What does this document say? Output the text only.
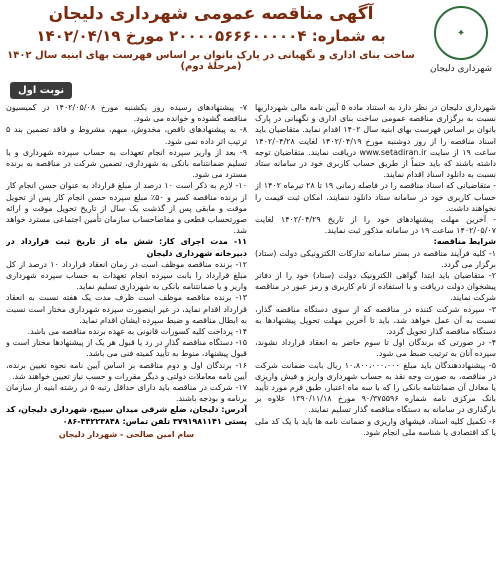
✦
شهرداری دلیجان
آگهی مناقصه عمومی شهرداری دلیجان
به شماره: ۲۰۰۰۰۵۶۶۶۰۰۰۰۰۴ مورخ ۱۴۰۲/۰۴/۱۹
ساخت بنای اداری و نگهبانی در پارک بانوان بر اساس فهرست بهای ابنیه سال ۱۴۰۲ (مرحلۀ دوم)
نوبت اول
شهرداری دلیجان در نظر دارد به استناد ماده ۵ آیین نامه مالی شهرداریها نسبت به برگزاری مناقصه عمومی ساخت بنای اداری و نگهبانی در پارک بانوان بر اساس فهرست بهای ابنیه سال ۱۴۰۲ اقدام نماید. متقاضیان باید اسناد مناقصه را از روز دوشنبه مورخ ۱۴۰۲/۰۴/۱۹ لغایت ۱۴۰۲/۰۴/۲۸ ساعت ۱۹ از سایت www.setadiran.ir دریافت نمایند. متقاضیان توجه داشته باشند که باید حتماً از طریق حساب کاربری خود در سامانه ستاد نسبت به دانلود اسناد اقدام نمایند.
- متقاضیانی که اسناد مناقصه را در فاصله زمانی ۱۹ تا ۲۸ تیرماه ۱۴۰۲ از حساب کاربری خود در سامانه ستاد دانلود ننمایند، امکان ثبت قیمت را نخواهند داشت.
- آخرین مهلت پیشنهادهای خود را از تاریخ ۱۴۰۲/۰۴/۲۹ لغایت ۱۴۰۲/۰۵/۰۷ ساعت ۱۹ در سامانه مذکور ثبت نمایند.
شرایط مناقصه:
۱- کلیه فرآیند مناقصه در بستر سامانه تدارکات الکترونیکی دولت (ستاد) برگزار می گردد.
۲- متقاضیان باید ابتدا گواهی الکترونیک دولت (ستاد) خود را از دفاتر پیشخوان دولت دریافت و با استفاده از نام کاربری و رمز عبور در مناقصه شرکت نمایند.
۳- سپرده شرکت کننده در مناقصه که از سوی دستگاه مناقصه گذار، نسبت به آن عمل خواهد شد، باید تا آخرین مهلت تحویل پیشنهادها به دستگاه مناقصه گذار تحویل گردد.
۴- در صورتی که برندگان اول تا سوم حاضر به انعقاد قرارداد نشوند، سپرده آنان به ترتیب ضبط می شود.
۵- پیشنهاددهندگان باید مبلغ ۱۰،۸۰۰،۰۰۰،۰۰۰ ریال بابت ضمانت شرکت در مناقصه، به صورت وجه نقد به حساب شهرداری واریز و فیش واریزی یا معادل آن ضمانتنامه بانکی را که با سه ماه اعتبار، طبق فرم مورد تأیید بانک مرکزی نامه شماره ۹۰/۳۷۵۵۹۶ مورخ ۱۳۹۰/۱۱/۱۸ علاوه بر بارگذاری در سامانه به دستگاه مناقصه گذار تسلیم نمایند.
۶- تکمیل کلیه اسناد، فیشهای واریزی و ضمانت نامه ها باید با یک کد ملی یا کد اقتصادی یا شناسه ملی انجام شود.
۷- پیشنهادهای رسیده روز یکشنبه مورخ ۱۴۰۲/۰۵/۰۸ در کمیسیون مناقصه گشوده و خوانده می شود.
۸- به پیشنهادهای ناقص، مخدوش، مبهم، مشروط و فاقد تضمین بند ۵ ترتیب اثر داده نمی شود.
۹- بعد از واریز سپرده انجام تعهدات به حساب سپرده شهرداری و یا تسلیم ضمانتنامه بانکی به شهرداری، تضمین شرکت در مناقصه به برنده مسترد می شود.
۱۰- لازم به ذکر است ۱۰ درصد از مبلغ قرارداد به عنوان حسن انجام کار از برنده مناقصه کسر و ۵۰٪ مبلغ سپرده حسن انجام کار پس از تحویل موقت و مابقی پس از گذشت یک سال از تاریخ تحویل موقت و ارائه صورتحساب قطعی و مفاصاحساب سازمان تأمین اجتماعی مسترد خواهد شد.
۱۱- مدت اجرای کار: شش ماه از تاریخ ثبت قرارداد در دبیرخانه شهرداری دلیجان
۱۲- برنده مناقصه موظف است در زمان انعقاد قرارداد ۱۰ درصد از کل مبلغ قرارداد را بابت سپرده انجام تعهدات به حساب سپرده شهرداری واریز و یا ضمانتنامه بانکی به شهرداری تسلیم نماید.
۱۳- برنده مناقصه موظف است ظرف مدت یک هفته نسبت به انعقاد قرارداد اقدام نماید، در غیر اینصورت سپرده شهرداری مختار است نسبت به ابطال مناقصه و ضبط سپرده ایشان اقدام نماید.
۱۴- پرداخت کلیه کسورات قانونی به عهده برنده مناقصه می باشد.
۱۵- دستگاه مناقصه گذار در رد یا قبول هر یک از پیشنهادها مختار است و قبول پیشنهاد، منوط به تأیید کمیته فنی می باشد.
۱۶- برندگان اول و دوم مناقصه بر اساس آیین نامه نحوه تعیین برنده، آیین نامه معاملات دولتی و دیگر مقررات و حسب نیاز تعیین خواهند شد.
۱۷- شرکت در مناقصه باید دارای حداقل رتبه ۵ در رشته ابنیه از سازمان برنامه و بودجه باشند.
آدرس: دلیجان، ضلع شرقی میدان سپیج، شهرداری دلیجان، کد پستی ۳۷۹۱۹۸۱۱۴۱ تلفن تماس: ۴۴۲۲۳۸۴۸-۰۸۶
سام امین صالحی - شهردار دلیجان
